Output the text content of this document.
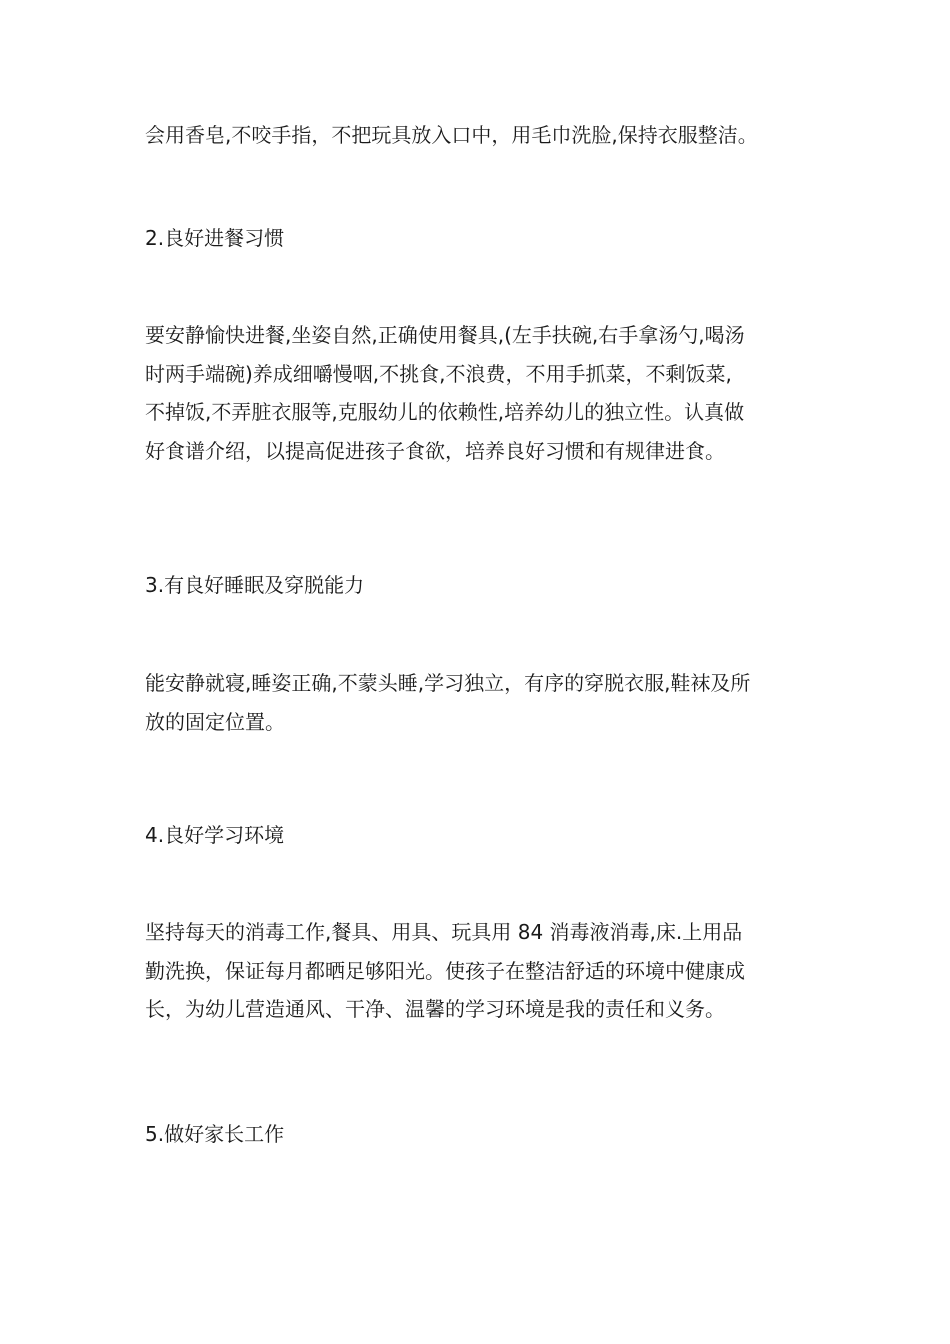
会用香皂,不咬手指，不把玩具放入口中，用毛巾洗脸,保持衣服整洁。

2.良好进餐习惯

要安静愉快进餐,坐姿自然,正确使用餐具,(左手扶碗,右手拿汤勺,喝汤
时两手端碗)养成细嚼慢咽,不挑食,不浪费，不用手抓菜，不剩饭菜,
不掉饭,不弄脏衣服等,克服幼儿的依赖性,培养幼儿的独立性。认真做
好食谱介绍，以提高促进孩子食欲，培养良好习惯和有规律进食。

3.有良好睡眠及穿脱能力

能安静就寝,睡姿正确,不蒙头睡,学习独立，有序的穿脱衣服,鞋袜及所
放的固定位置。

4.良好学习环境

坚持每天的消毒工作,餐具、用具、玩具用 84 消毒液消毒,床.上用品
勤洗换，保证每月都晒足够阳光。使孩子在整洁舒适的环境中健康成
长，为幼儿营造通风、干净、温馨的学习环境是我的责任和义务。

5.做好家长工作
